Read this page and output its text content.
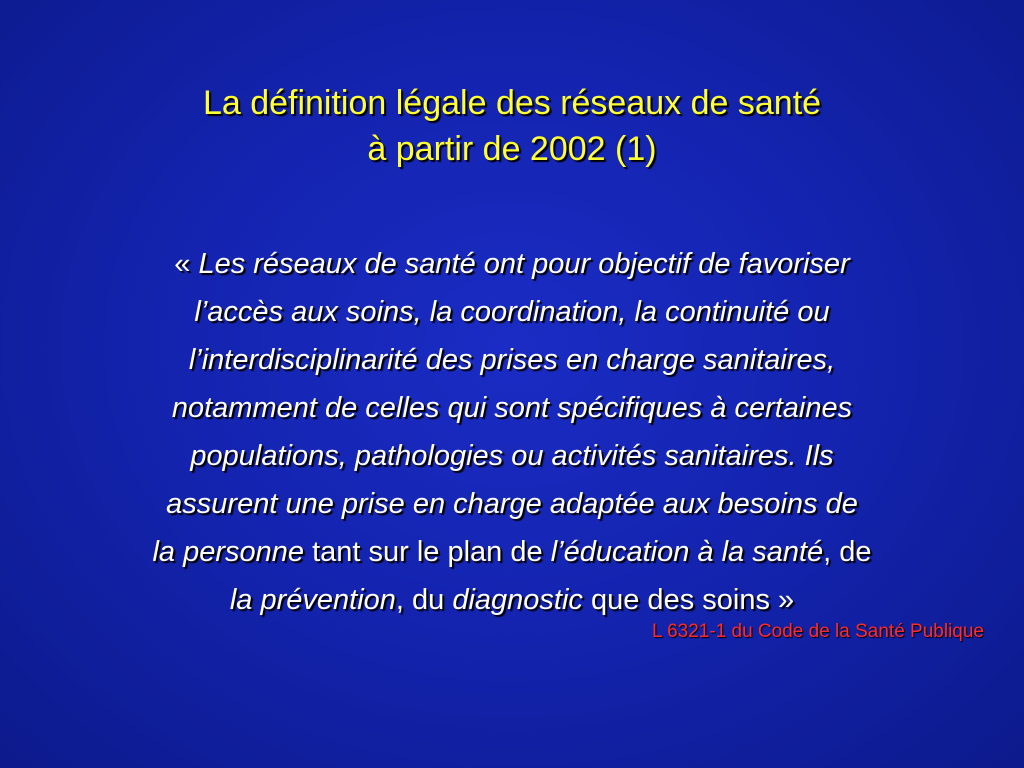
La définition légale des réseaux de santé
à partir de 2002 (1)
« Les réseaux de santé ont pour objectif de favoriser
l’accès aux soins, la coordination, la continuité ou
l’interdisciplinarité des prises en charge sanitaires,
notamment de celles qui sont spécifiques à certaines
populations, pathologies ou activités sanitaires. Ils
assurent une prise en charge adaptée aux besoins de
la personne tant sur le plan de l’éducation à la santé, de
la prévention, du diagnostic que des soins »
L 6321-1 du Code de la Santé Publique
